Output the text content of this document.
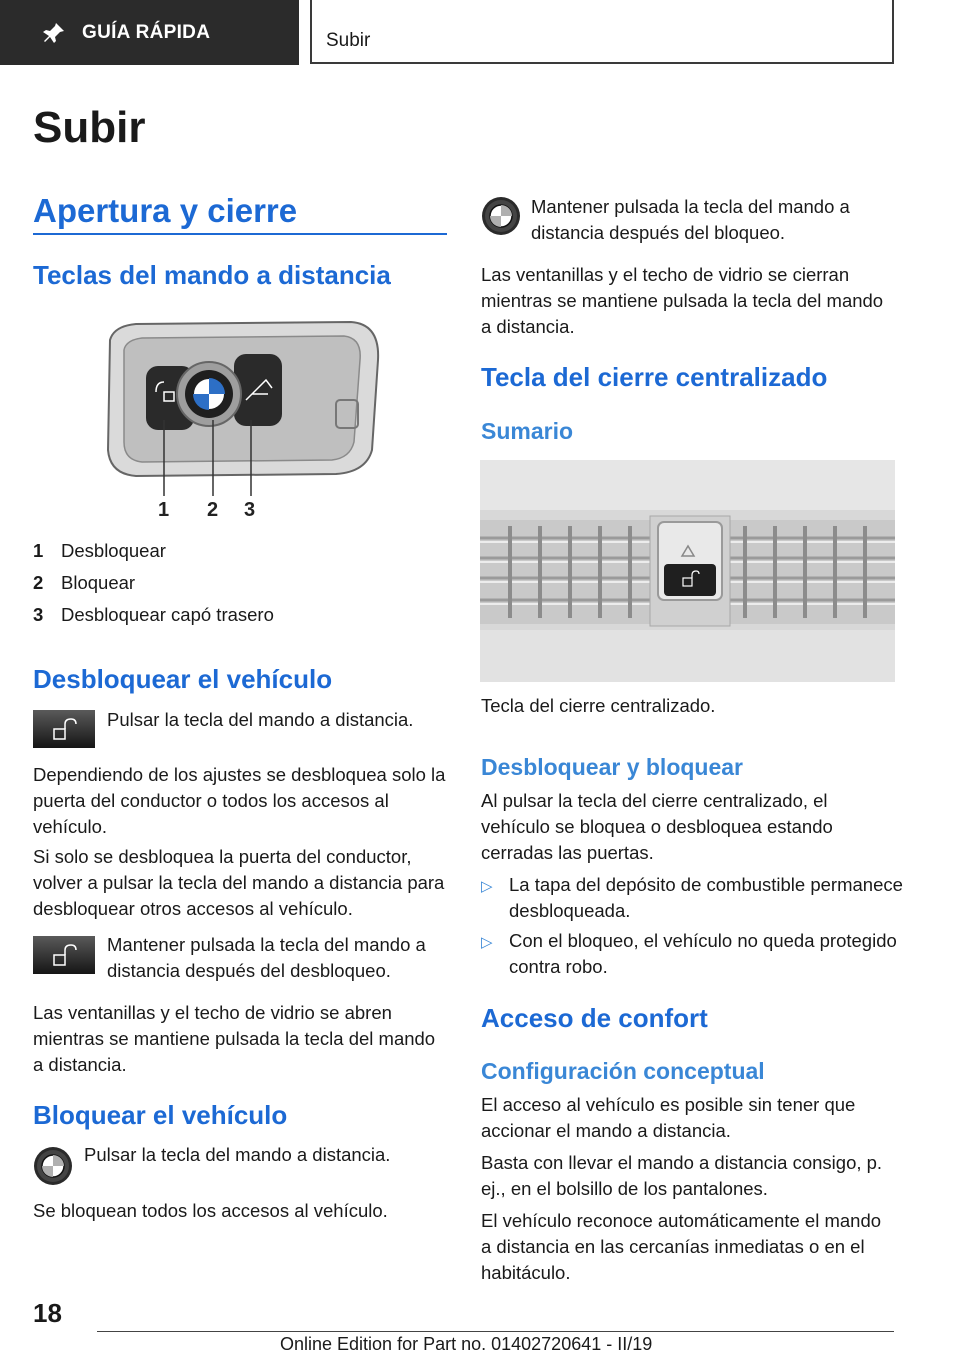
GUÍA RÁPIDA	Subir
Subir
Apertura y cierre
Teclas del mando a distancia
1 2 3
1 Desbloquear
2 Bloquear
3 Desbloquear capó trasero
Desbloquear el vehículo

Pulsar la tecla del mando a distancia.

Dependiendo de los ajustes se desbloquea solo la puerta del conductor o todos los accesos al vehículo.

Si solo se desbloquea la puerta del conductor, volver a pulsar la tecla del mando a distancia para desbloquear otros accesos al vehículo.

Mantener pulsada la tecla del mando a distancia después del desbloqueo.

Las ventanillas y el techo de vidrio se abren mientras se mantiene pulsada la tecla del mando a distancia.

Bloquear el vehículo

Pulsar la tecla del mando a distancia.

Se bloquean todos los accesos al vehículo.

Mantener pulsada la tecla del mando a distancia después del bloqueo.

Las ventanillas y el techo de vidrio se cierran mientras se mantiene pulsada la tecla del mando a distancia.

Tecla del cierre centralizado
Sumario

Tecla del cierre centralizado.

Desbloquear y bloquear

Al pulsar la tecla del cierre centralizado, el vehículo se bloquea o desbloquea estando cerradas las puertas.

▷ La tapa del depósito de combustible permanece desbloqueada.
▷ Con el bloqueo, el vehículo no queda protegido contra robo.
Acceso de confort
Configuración conceptual

El acceso al vehículo es posible sin tener que accionar el mando a distancia.

Basta con llevar el mando a distancia consigo, p. ej., en el bolsillo de los pantalones.

El vehículo reconoce automáticamente el mando a distancia en las cercanías inmediatas o en el habitáculo.

18
Online Edition for Part no. 01402720641 - II/19
